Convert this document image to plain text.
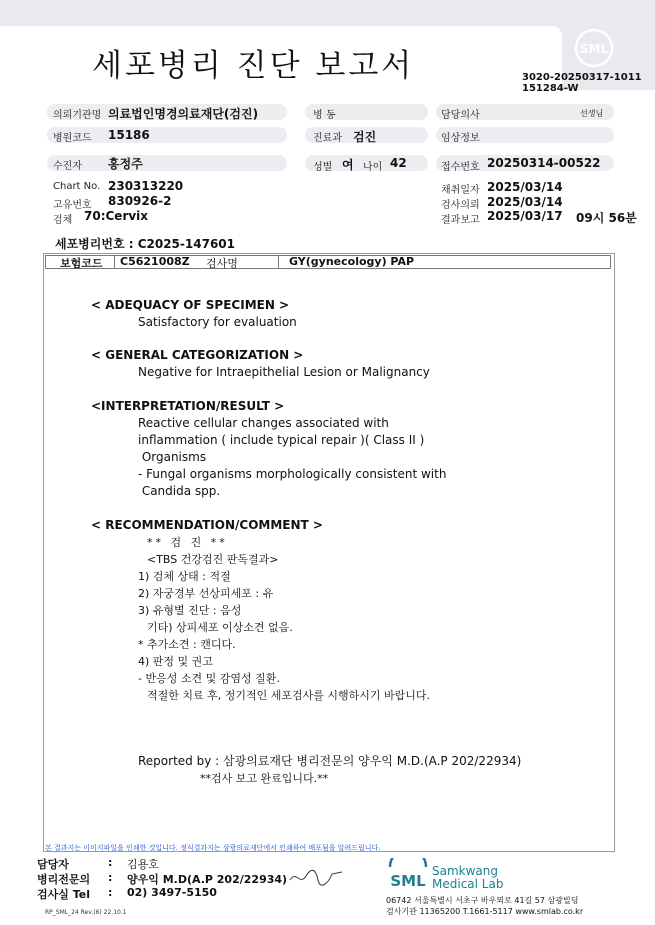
세포병리 진단 보고서	3020-20250317-1011
151284-W
SML
의뢰기관명 의료법인명경의료재단(검진)	병 동	담당의사	선생님
병원코드 15186	진료과 검진	임상정보
수진자 홍정주	성별 여 나이 42	접수번호 20250314-00522
Chart No. 230313220
고유번호 830926-2
검체 70:Cervix
채취일자 2025/03/14
검사의뢰 2025/03/14
결과보고 2025/03/17 09시 56분
세포병리번호 : C2025-147601
보험코드 C5621008Z 검사명	GY(gynecology) PAP
< ADEQUACY OF SPECIMEN >
Satisfactory for evaluation
< GENERAL CATEGORIZATION >
Negative for Intraepithelial Lesion or Malignancy
<INTERPRETATION/RESULT >
Reactive cellular changes associated with
inflammation ( include typical repair )( Class II )
Organisms
- Fungal organisms morphologically consistent with
Candida spp.
< RECOMMENDATION/COMMENT >
** 검 진 **
<TBS 건강검진 판독결과>
1) 검체 상태 : 적절
2) 자궁경부 선상피세포 : 유
3) 유형별 진단 : 음성
기타) 상피세포 이상소견 없음.
* 추가소견 : 캔디다.
4) 판정 및 권고
- 반응성 소견 및 감염성 질환.
적절한 치료 후, 정기적인 세포검사를 시행하시기 바랍니다.
Reported by : 삼광의료재단 병리전문의 양우익 M.D.(A.P 202/22934)
**검사 보고 완료입니다.**
본 결과지는 이미지파일을 인쇄한 것입니다. 정식결과지는 삼광의료재단에서 인쇄하여 배포됨을 알려드립니다.
담당자	: 김용호
병리전문의 : 양우익 M.D(A.P 202/22934)
검사실 Tel : 02) 3497-5150
RP_SML_24 Rev.(6) 22.10.1
SML
Samkwang
Medical Lab
06742 서울특별시 서초구 바우뫼로 41길 57 삼광빌딩
검사기관 11365200 T.1661-5117 www.smlab.co.kr
